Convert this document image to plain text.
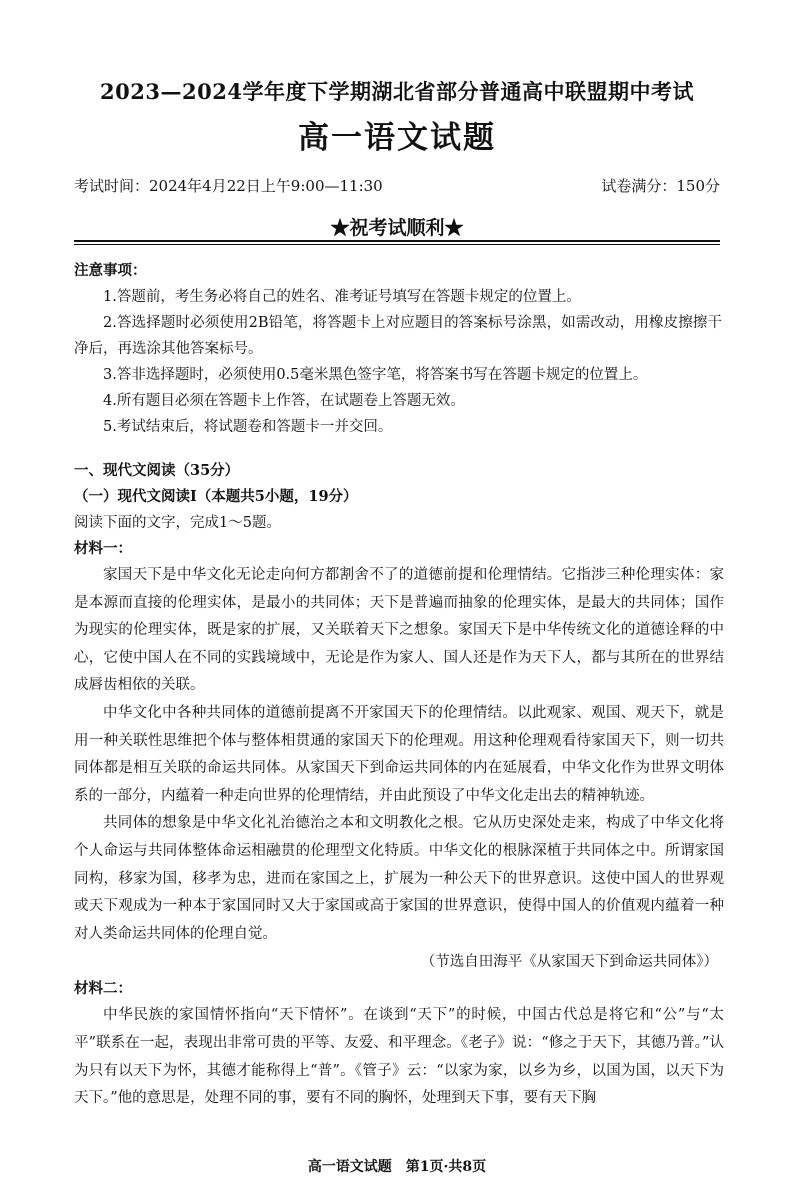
2023—2024学年度下学期湖北省部分普通高中联盟期中考试
高一语文试题
考试时间：2024年4月22日上午9:00—11:30	试卷满分：150分
★祝考试顺利★
注意事项：
1.答题前，考生务必将自己的姓名、准考证号填写在答题卡规定的位置上。
2.答选择题时必须使用2B铅笔，将答题卡上对应题目的答案标号涂黑，如需改动，用橡皮擦擦干净后，再选涂其他答案标号。
3.答非选择题时，必须使用0.5毫米黑色签字笔，将答案书写在答题卡规定的位置上。
4.所有题目必须在答题卡上作答，在试题卷上答题无效。
5.考试结束后，将试题卷和答题卡一并交回。
一、现代文阅读（35分）
（一）现代文阅读Ⅰ（本题共5小题，19分）
阅读下面的文字，完成1～5题。
材料一：

家国天下是中华文化无论走向何方都割舍不了的道德前提和伦理情结。它指涉三种伦理实体：家是本源而直接的伦理实体，是最小的共同体；天下是普遍而抽象的伦理实体，是最大的共同体；国作为现实的伦理实体，既是家的扩展，又关联着天下之想象。家国天下是中华传统文化的道德诠释的中心，它使中国人在不同的实践境域中，无论是作为家人、国人还是作为天下人，都与其所在的世界结成唇齿相依的关联。

中华文化中各种共同体的道德前提离不开家国天下的伦理情结。以此观家、观国、观天下，就是用一种关联性思维把个体与整体相贯通的家国天下的伦理观。用这种伦理观看待家国天下，则一切共同体都是相互关联的命运共同体。从家国天下到命运共同体的内在延展看，中华文化作为世界文明体系的一部分，内蕴着一种走向世界的伦理情结，并由此预设了中华文化走出去的精神轨迹。

共同体的想象是中华文化礼治德治之本和文明教化之根。它从历史深处走来，构成了中华文化将个人命运与共同体整体命运相融贯的伦理型文化特质。中华文化的根脉深植于共同体之中。所谓家国同构，移家为国，移孝为忠，进而在家国之上，扩展为一种公天下的世界意识。这使中国人的世界观或天下观成为一种本于家国同时又大于家国或高于家国的世界意识，使得中国人的价值观内蕴着一种对人类命运共同体的伦理自觉。

（节选自田海平《从家国天下到命运共同体》）

材料二：

中华民族的家国情怀指向“天下情怀”。在谈到“天下”的时候，中国古代总是将它和“公”与“太平”联系在一起，表现出非常可贵的平等、友爱、和平理念。《老子》说：“修之于天下，其德乃普。”认为只有以天下为怀，其德才能称得上“普”。《管子》云：“以家为家，以乡为乡，以国为国，以天下为天下。”他的意思是，处理不同的事，要有不同的胸怀，处理到天下事，要有天下胸

高一语文试题　第1页·共8页
